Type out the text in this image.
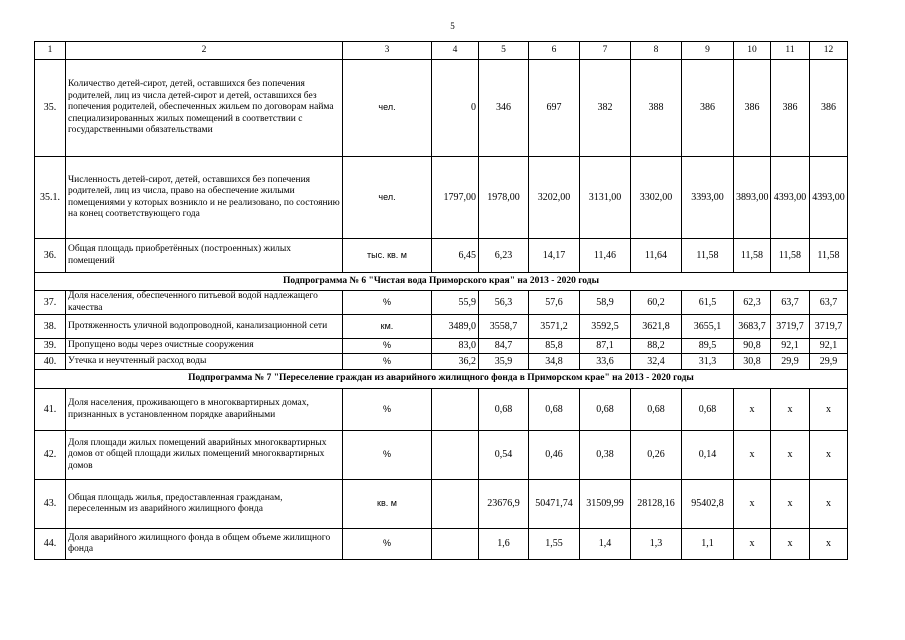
5
1	2	3	4	5	6	7	8	9	10	11	12
35.	Количество детей-сирот, детей, оставшихся без попечения родителей, лиц из числа детей-сирот и детей, оставшихся без попечения родителей, обеспеченных жильем по договорам найма специализированных жилых помещений в соответствии с государственными обязательствами	чел.	0	346	697	382	388	386	386	386	386
35.1.	Численность детей-сирот, детей, оставшихся без попечения родителей, лиц из числа, право на обеспечение жилыми помещениями у которых возникло и не реализовано, по состоянию на конец соответствующего года	чел.	1797,00	1978,00	3202,00	3131,00	3302,00	3393,00	3893,00	4393,00	4393,00
36.	Общая площадь приобретённых (построенных) жилых помещений	тыс. кв. м	6,45	6,23	14,17	11,46	11,64	11,58	11,58	11,58	11,58
Подпрограмма № 6 "Чистая вода Приморского края" на 2013 - 2020 годы											
37.	Доля населения, обеспеченного питьевой водой надлежащего качества	%	55,9	56,3	57,6	58,9	60,2	61,5	62,3	63,7	63,7
38.	Протяженность уличной водопроводной, канализационной сети	км.	3489,0	3558,7	3571,2	3592,5	3621,8	3655,1	3683,7	3719,7	3719,7
39.	Пропущено воды через очистные сооружения	%	83,0	84,7	85,8	87,1	88,2	89,5	90,8	92,1	92,1
40.	Утечка и неучтенный расход воды	%	36,2	35,9	34,8	33,6	32,4	31,3	30,8	29,9	29,9
Подпрограмма № 7 "Переселение граждан из аварийного жилищного фонда в Приморском крае" на 2013 - 2020 годы											
41.	Доля населения, проживающего в многоквартирных домах, признанных в установленном порядке аварийными	%		0,68	0,68	0,68	0,68	0,68	х	х	х
42.	Доля площади жилых помещений аварийных многоквартирных домов от общей площади жилых помещений многоквартирных домов	%		0,54	0,46	0,38	0,26	0,14	х	х	х
43.	Общая площадь жилья, предоставленная гражданам, переселенным из аварийного жилищного фонда	кв. м		23676,9	50471,74	31509,99	28128,16	95402,8	х	х	х
44.	Доля аварийного жилищного фонда в общем объеме жилищного фонда	%		1,6	1,55	1,4	1,3	1,1	х	х	х
